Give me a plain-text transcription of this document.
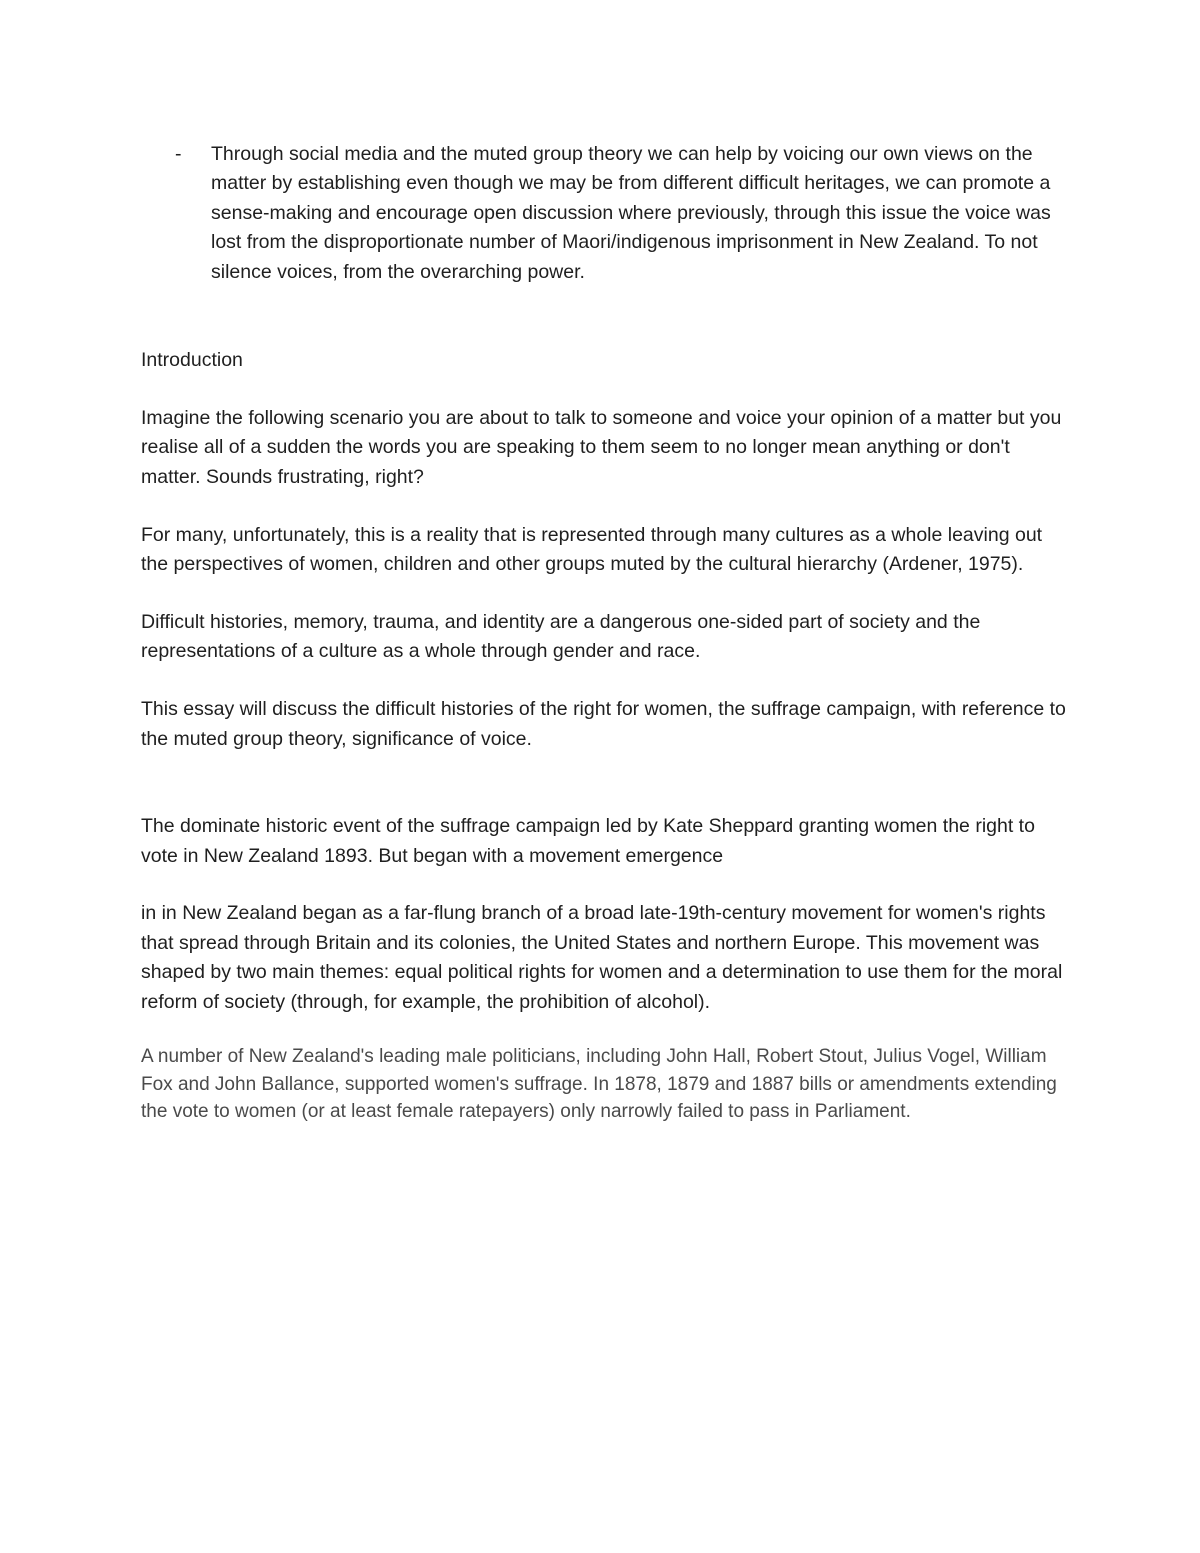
- Through social media and the muted group theory we can help by voicing our own views on the matter by establishing even though we may be from different difficult heritages, we can promote a sense-making and encourage open discussion where previously, through this issue the voice was lost from the disproportionate number of Maori/indigenous imprisonment in New Zealand. To not silence voices, from the overarching power.
Introduction

Imagine the following scenario you are about to talk to someone and voice your opinion of a matter but you realise all of a sudden the words you are speaking to them seem to no longer mean anything or don't matter. Sounds frustrating, right?

For many, unfortunately, this is a reality that is represented through many cultures as a whole leaving out the perspectives of women, children and other groups muted by the cultural hierarchy (Ardener, 1975).

Difficult histories, memory, trauma, and identity are a dangerous one-sided part of society and the representations of a culture as a whole through gender and race.

This essay will discuss the difficult histories of the right for women, the suffrage campaign, with reference to the muted group theory, significance of voice.

The dominate historic event of the suffrage campaign led by Kate Sheppard granting women the right to vote in New Zealand 1893. But began with a movement emergence

in in New Zealand began as a far-flung branch of a broad late-19th-century movement for women's rights that spread through Britain and its colonies, the United States and northern Europe. This movement was shaped by two main themes: equal political rights for women and a determination to use them for the moral reform of society (through, for example, the prohibition of alcohol).

A number of New Zealand's leading male politicians, including John Hall, Robert Stout, Julius Vogel, William Fox and John Ballance, supported women's suffrage. In 1878, 1879 and 1887 bills or amendments extending the vote to women (or at least female ratepayers) only narrowly failed to pass in Parliament.
